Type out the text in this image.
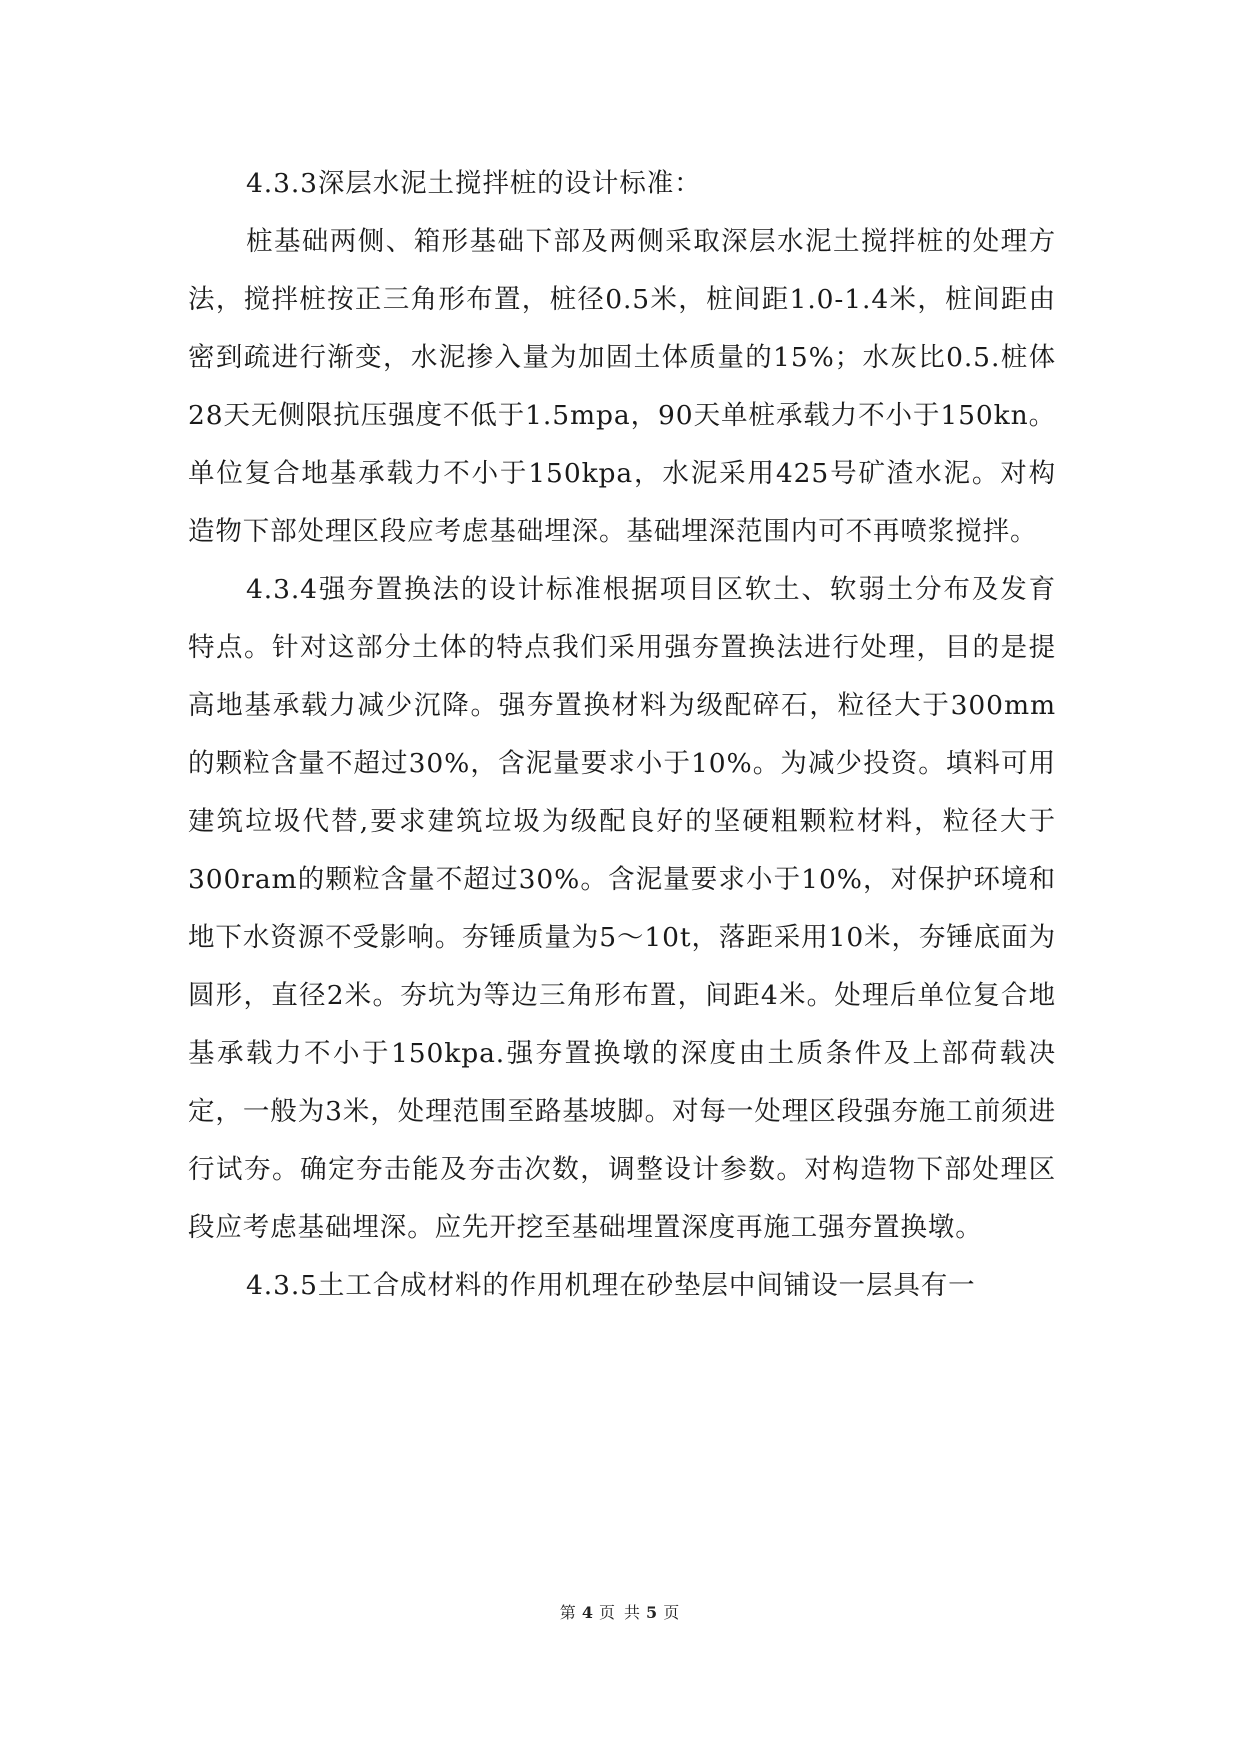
4.3.3深层水泥土搅拌桩的设计标准：

桩基础两侧、箱形基础下部及两侧采取深层水泥土搅拌桩的处理方法，搅拌桩按正三角形布置，桩径0.5米，桩间距1.0-1.4米，桩间距由密到疏进行渐变，水泥掺入量为加固土体质量的15%；水灰比0.5.桩体28天无侧限抗压强度不低于1.5mpa，90天单桩承载力不小于150kn。单位复合地基承载力不小于150kpa，水泥采用425号矿渣水泥。对构造物下部处理区段应考虑基础埋深。基础埋深范围内可不再喷浆搅拌。

4.3.4强夯置换法的设计标准根据项目区软土、软弱土分布及发育特点。针对这部分土体的特点我们采用强夯置换法进行处理，目的是提高地基承载力减少沉降。强夯置换材料为级配碎石，粒径大于300mm的颗粒含量不超过30%，含泥量要求小于10%。为减少投资。填料可用建筑垃圾代替,要求建筑垃圾为级配良好的坚硬粗颗粒材料，粒径大于300ram的颗粒含量不超过30%。含泥量要求小于10%，对保护环境和地下水资源不受影响。夯锤质量为5～10t，落距采用10米，夯锤底面为圆形，直径2米。夯坑为等边三角形布置，间距4米。处理后单位复合地基承载力不小于150kpa.强夯置换墩的深度由土质条件及上部荷载决定，一般为3米，处理范围至路基坡脚。对每一处理区段强夯施工前须进行试夯。确定夯击能及夯击次数，调整设计参数。对构造物下部处理区段应考虑基础埋深。应先开挖至基础埋置深度再施工强夯置换墩。

4.3.5土工合成材料的作用机理在砂垫层中间铺设一层具有一

第 4 页 共 5 页
